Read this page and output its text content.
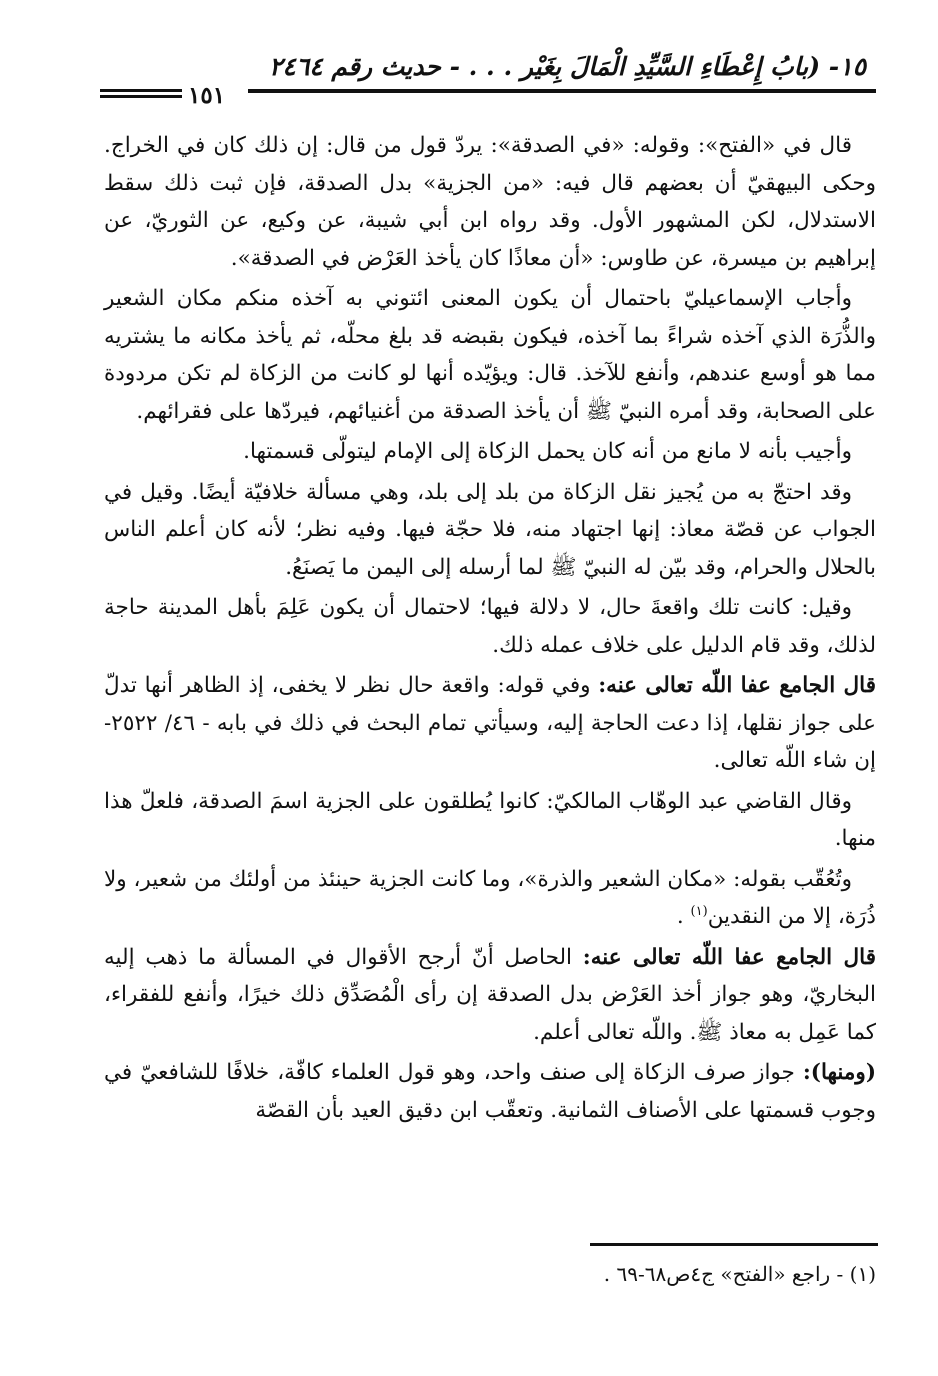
١٥- (بابُ إِعْطَاءِ السَّيِّدِ الْمَالَ بِغَيْر . . . - حديث رقم ٢٤٦٤
١٥١

قال في «الفتح»: وقوله: «في الصدقة»: يردّ قول من قال: إن ذلك كان في الخراج. وحكى البيهقيّ أن بعضهم قال فيه: «من الجزية» بدل الصدقة، فإن ثبت ذلك سقط الاستدلال، لكن المشهور الأول. وقد رواه ابن أبي شيبة، عن وكيع، عن الثوريّ، عن إبراهيم بن ميسرة، عن طاوس: «أن معاذًا كان يأخذ العَرْض في الصدقة».

وأجاب الإسماعيليّ باحتمال أن يكون المعنى ائتوني به آخذه منكم مكان الشعير والذُّرَة الذي آخذه شراءً بما آخذه، فيكون بقبضه قد بلغ محلّه، ثم يأخذ مكانه ما يشتريه مما هو أوسع عندهم، وأنفع للآخذ. قال: ويؤيّده أنها لو كانت من الزكاة لم تكن مردودة على الصحابة، وقد أمره النبيّ ﷺ أن يأخذ الصدقة من أغنيائهم، فيردّها على فقرائهم.

وأجيب بأنه لا مانع من أنه كان يحمل الزكاة إلى الإمام ليتولّى قسمتها.

وقد احتجّ به من يُجيز نقل الزكاة من بلد إلى بلد، وهي مسألة خلافيّة أيضًا. وقيل في الجواب عن قصّة معاذ: إنها اجتهاد منه، فلا حجّة فيها. وفيه نظر؛ لأنه كان أعلم الناس بالحلال والحرام، وقد بيّن له النبيّ ﷺ لما أرسله إلى اليمن ما يَصنَعُ.

وقيل: كانت تلك واقعةَ حال، لا دلالة فيها؛ لاحتمال أن يكون عَلِمَ بأهل المدينة حاجة لذلك، وقد قام الدليل على خلاف عمله ذلك.

قال الجامع عفا اللّه تعالى عنه: وفي قوله: واقعة حال نظر لا يخفى، إذ الظاهر أنها تدلّ على جواز نقلها، إذا دعت الحاجة إليه، وسيأتي تمام البحث في ذلك في بابه - ٤٦/ ٢٥٢٢- إن شاء اللّه تعالى.

وقال القاضي عبد الوهّاب المالكيّ: كانوا يُطلقون على الجزية اسمَ الصدقة، فلعلّ هذا منها.

وتُعُقّب بقوله: «مكان الشعير والذرة»، وما كانت الجزية حينئذ من أولئك من شعير، ولا ذُرَة، إلا من النقدين$^{(١)}$ .

قال الجامع عفا اللّه تعالى عنه: الحاصل أنّ أرجح الأقوال في المسألة ما ذهب إليه البخاريّ، وهو جواز أخذ العَرْض بدل الصدقة إن رأى الْمُصَدِّق ذلك خيرًا، وأنفع للفقراء، كما عَمِل به معاذ ﷺ. واللّه تعالى أعلم.

(ومنها): جواز صرف الزكاة إلى صنف واحد، وهو قول العلماء كافّة، خلافًا للشافعيّ في وجوب قسمتها على الأصناف الثمانية. وتعقّب ابن دقيق العيد بأن القصّة

(١) - راجع «الفتح» ج٤ص٦٨-٦٩ .
